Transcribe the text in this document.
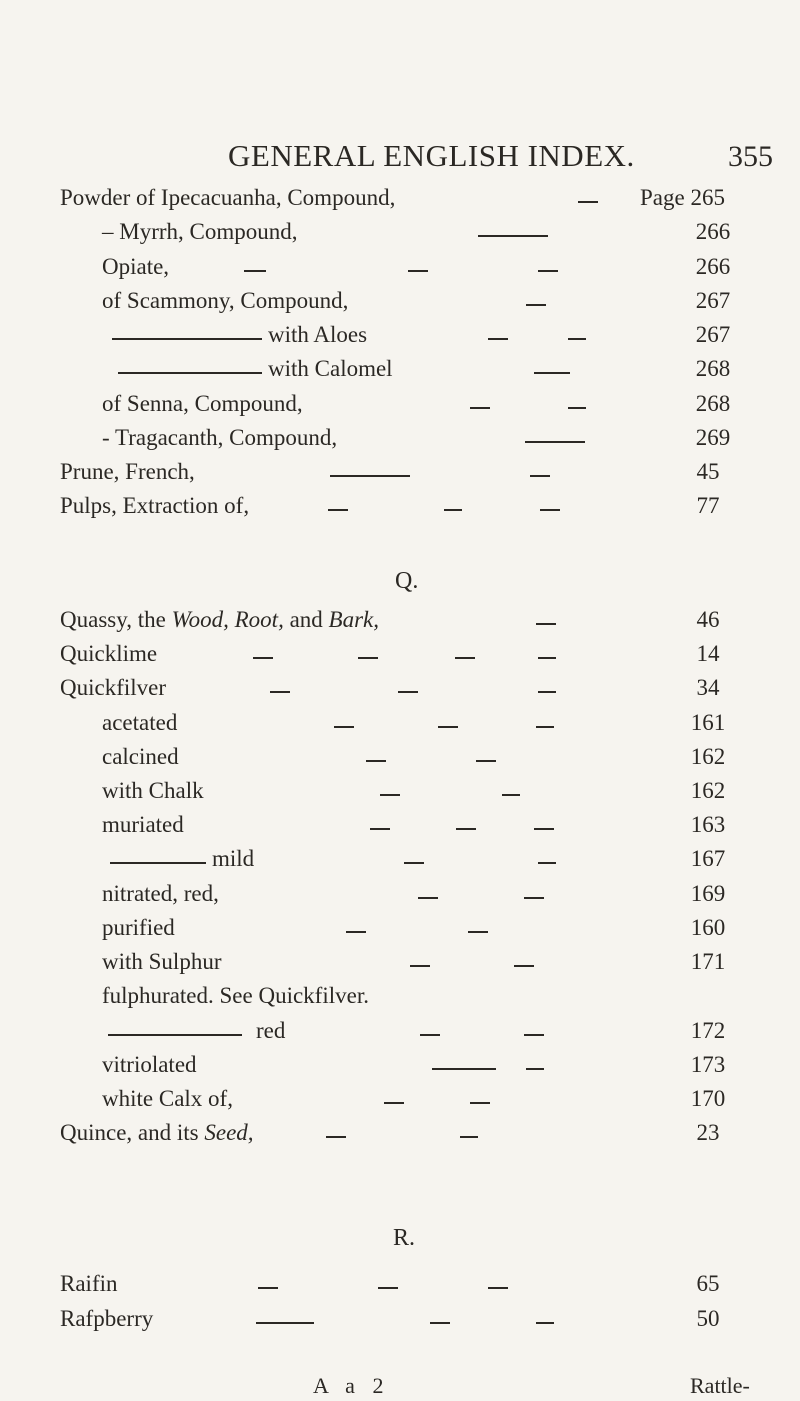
GENERAL ENGLISH INDEX.	355
Powder of Ipecacuanha, Compound,	Page 265
– Myrrh, Compound,	266
Opiate,	266
of Scammony, Compound,	267
with Aloes	267
with Calomel	268
of Senna, Compound,	268
- Tragacanth, Compound,	269
Prune, French,	45
Pulps, Extraction of,	77
Q.
Quassy, the Wood, Root, and Bark,	46
Quicklime	14
Quickfilver	34
acetated	161
calcined	162
with Chalk	162
muriated	163
mild	167
nitrated, red,	169
purified	160
with Sulphur	171
fulphurated. See Quickfilver.
red	172
vitriolated	173
white Calx of,	170
Quince, and its Seed,	23
R.
Raifin	65
Rafpberry	50
A a 2	Rattle-
